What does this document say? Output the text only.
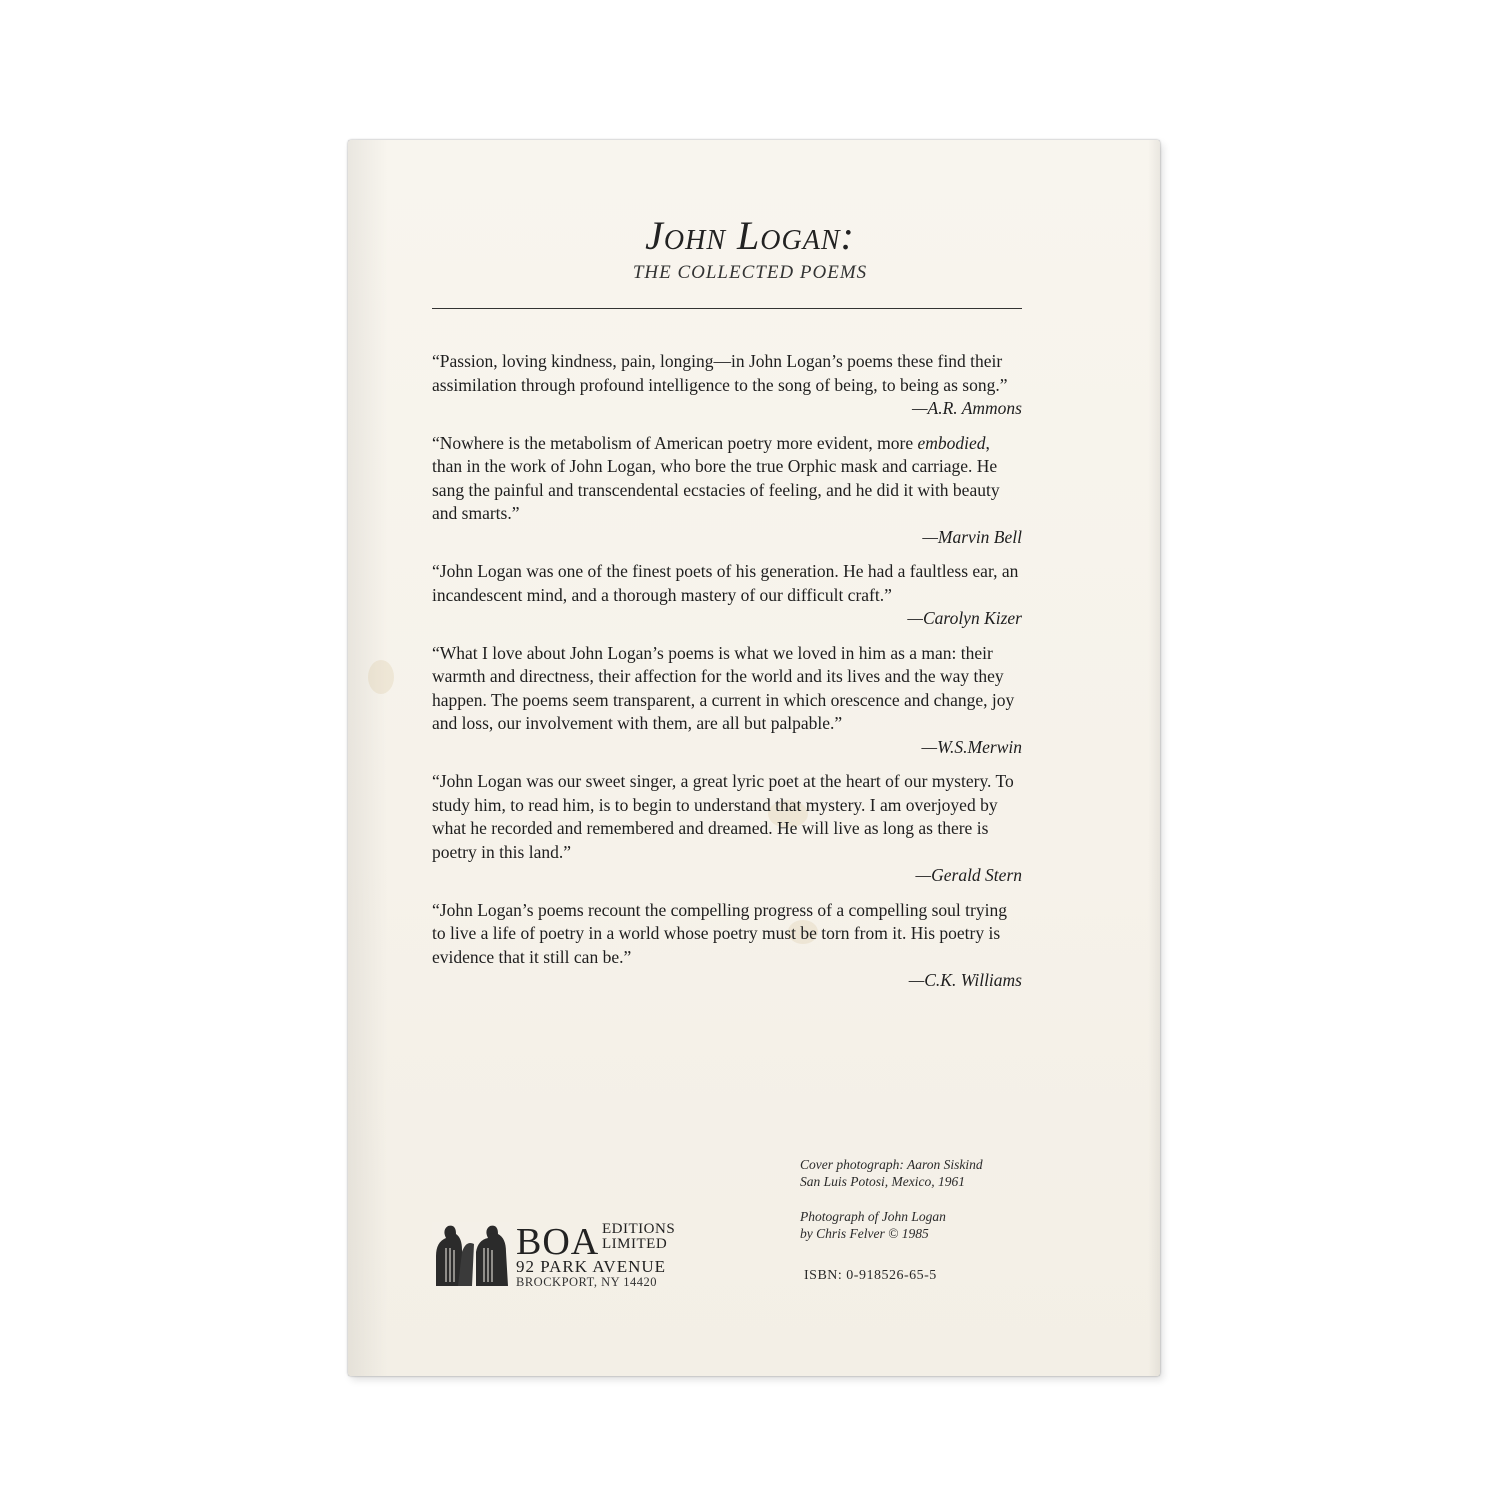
John Logan:
THE COLLECTED POEMS
“Passion, loving kindness, pain, longing—in John Logan’s poems these find their assimilation through profound intelligence to the song of being, to being as song.”
—A.R. Ammons
“Nowhere is the metabolism of American poetry more evident, more embodied, than in the work of John Logan, who bore the true Orphic mask and carriage. He sang the painful and transcendental ecstacies of feeling, and he did it with beauty and smarts.”
—Marvin Bell
“John Logan was one of the finest poets of his generation. He had a faultless ear, an incandescent mind, and a thorough mastery of our difficult craft.”
—Carolyn Kizer
“What I love about John Logan’s poems is what we loved in him as a man: their warmth and directness, their affection for the world and its lives and the way they happen. The poems seem transparent, a current in which orescence and change, joy and loss, our involvement with them, are all but palpable.”
—W.S.Merwin
“John Logan was our sweet singer, a great lyric poet at the heart of our mystery. To study him, to read him, is to begin to understand that mystery. I am overjoyed by what he recorded and remembered and dreamed. He will live as long as there is poetry in this land.”
—Gerald Stern
“John Logan’s poems recount the compelling progress of a compelling soul trying to live a life of poetry in a world whose poetry must be torn from it. His poetry is evidence that it still can be.”
—C.K. Williams
Cover photograph: Aaron Siskind
San Luis Potosi, Mexico, 1961
Photograph of John Logan
by Chris Felver © 1985
ISBN: 0-918526-65-5
BOA EDITIONS
LIMITED
92 PARK AVENUE
BROCKPORT, NY 14420
